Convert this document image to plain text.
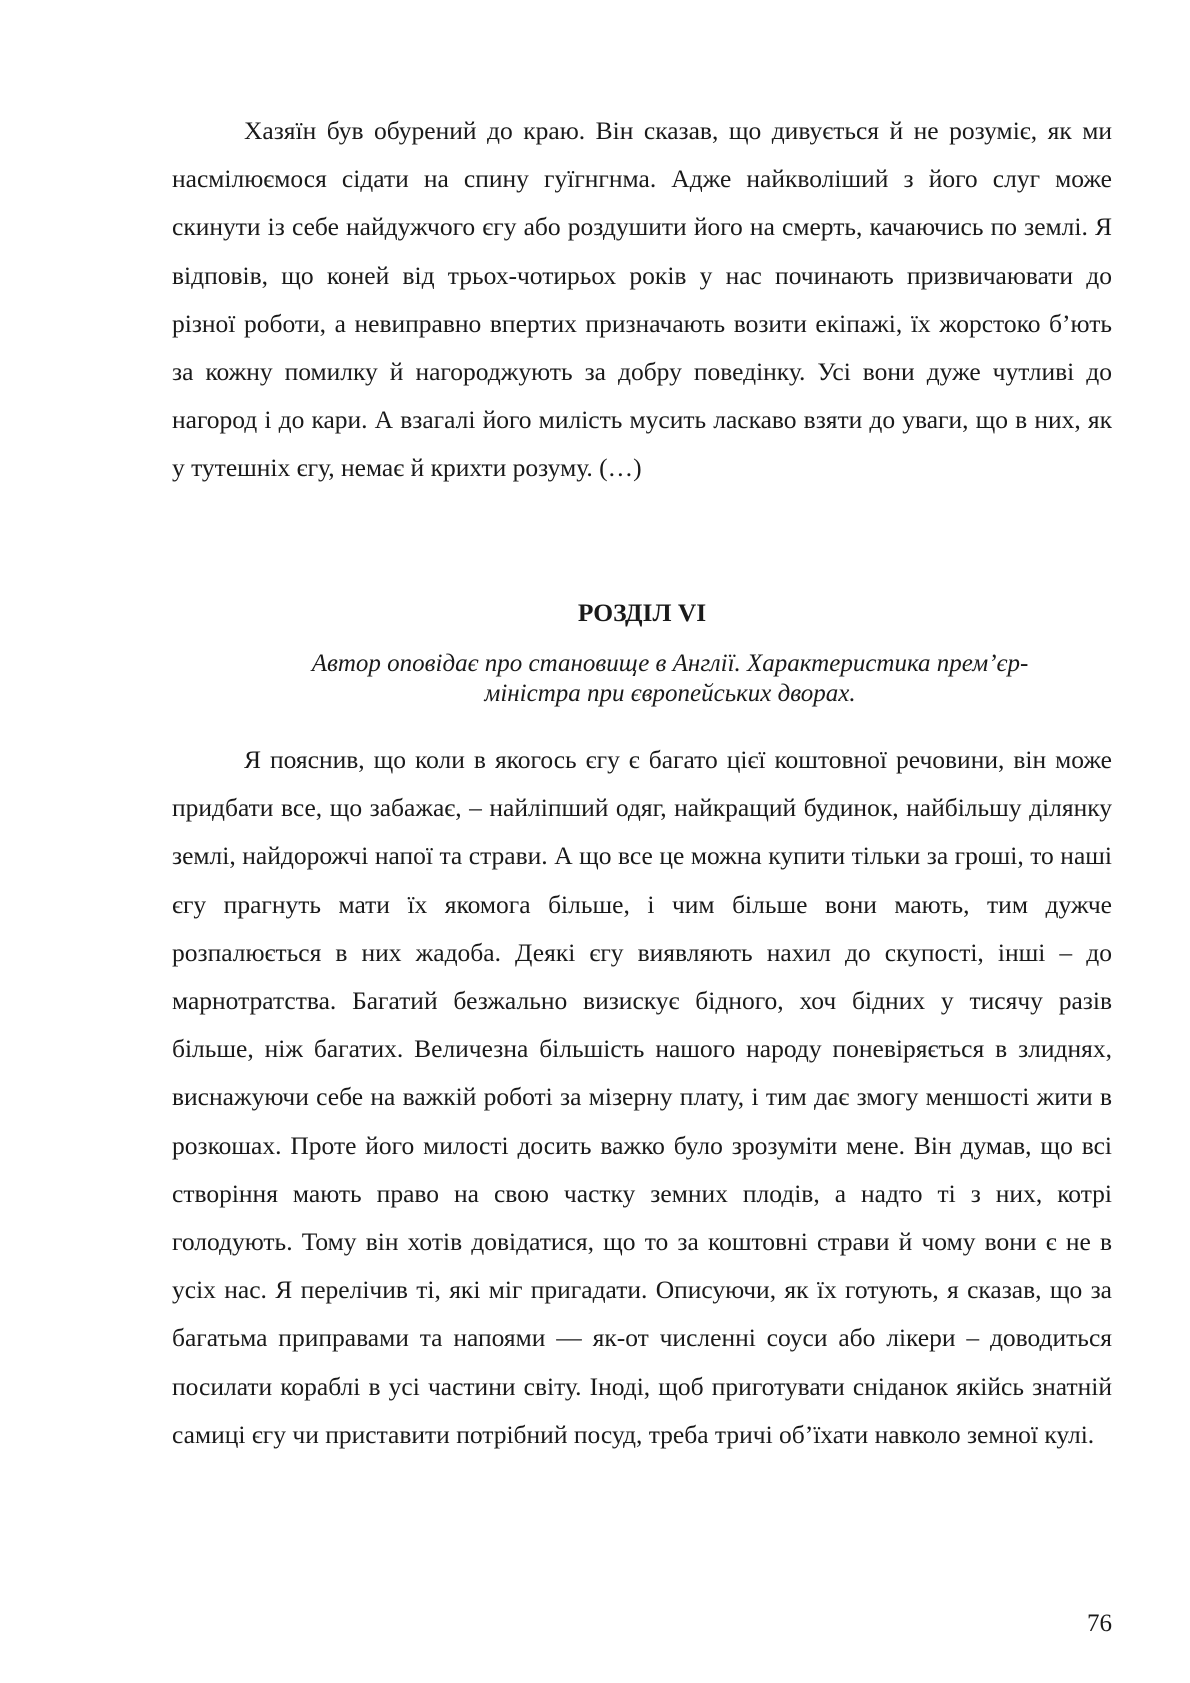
Хазяїн був обурений до краю. Він сказав, що дивується й не розуміє, як ми насмілюємося сідати на спину гуїгнгнма. Адже найкволіший з його слуг може скинути із себе найдужчого єгу або роздушити його на смерть, качаючись по землі. Я відповів, що коней від трьох-чотирьох років у нас починають призвичаювати до різної роботи, а невиправно впертих призначають возити екіпажі, їх жорстоко б’ють за кожну помилку й нагороджують за добру поведінку. Усі вони дуже чутливі до нагород і до кари. А взагалі його милість мусить ласкаво взяти до уваги, що в них, як у тутешніх єгу, немає й крихти розуму. (…)

РОЗДІЛ VI
Автор оповідає про становище в Англії. Характеристика прем’єр-
міністра при європейських дворах.

Я пояснив, що коли в якогось єгу є багато цієї коштовної речовини, він може придбати все, що забажає, – найліпший одяг, найкращий будинок, найбільшу ділянку землі, найдорожчі напої та страви. А що все це можна купити тільки за гроші, то наші єгу прагнуть мати їх якомога більше, і чим більше вони мають, тим дужче розпалюється в них жадоба. Деякі єгу виявляють нахил до скупості, інші – до марнотратства. Багатий безжально визискує бідного, хоч бідних у тисячу разів більше, ніж багатих. Величезна більшість нашого народу поневіряється в злиднях, виснажуючи себе на важкій роботі за мізерну плату, і тим дає змогу меншості жити в розкошах. Проте його милості досить важко було зрозуміти мене. Він думав, що всі створіння мають право на свою частку земних плодів, а надто ті з них, котрі голодують. Тому він хотів довідатися, що то за коштовні страви й чому вони є не в усіх нас. Я перелічив ті, які міг пригадати. Описуючи, як їх готують, я сказав, що за багатьма приправами та напоями — як-от численні соуси або лікери – доводиться посилати кораблі в усі частини світу. Іноді, щоб приготувати сніданок якійсь знатній самиці єгу чи приставити потрібний посуд, треба тричі об’їхати навколо земної кулі.

76
